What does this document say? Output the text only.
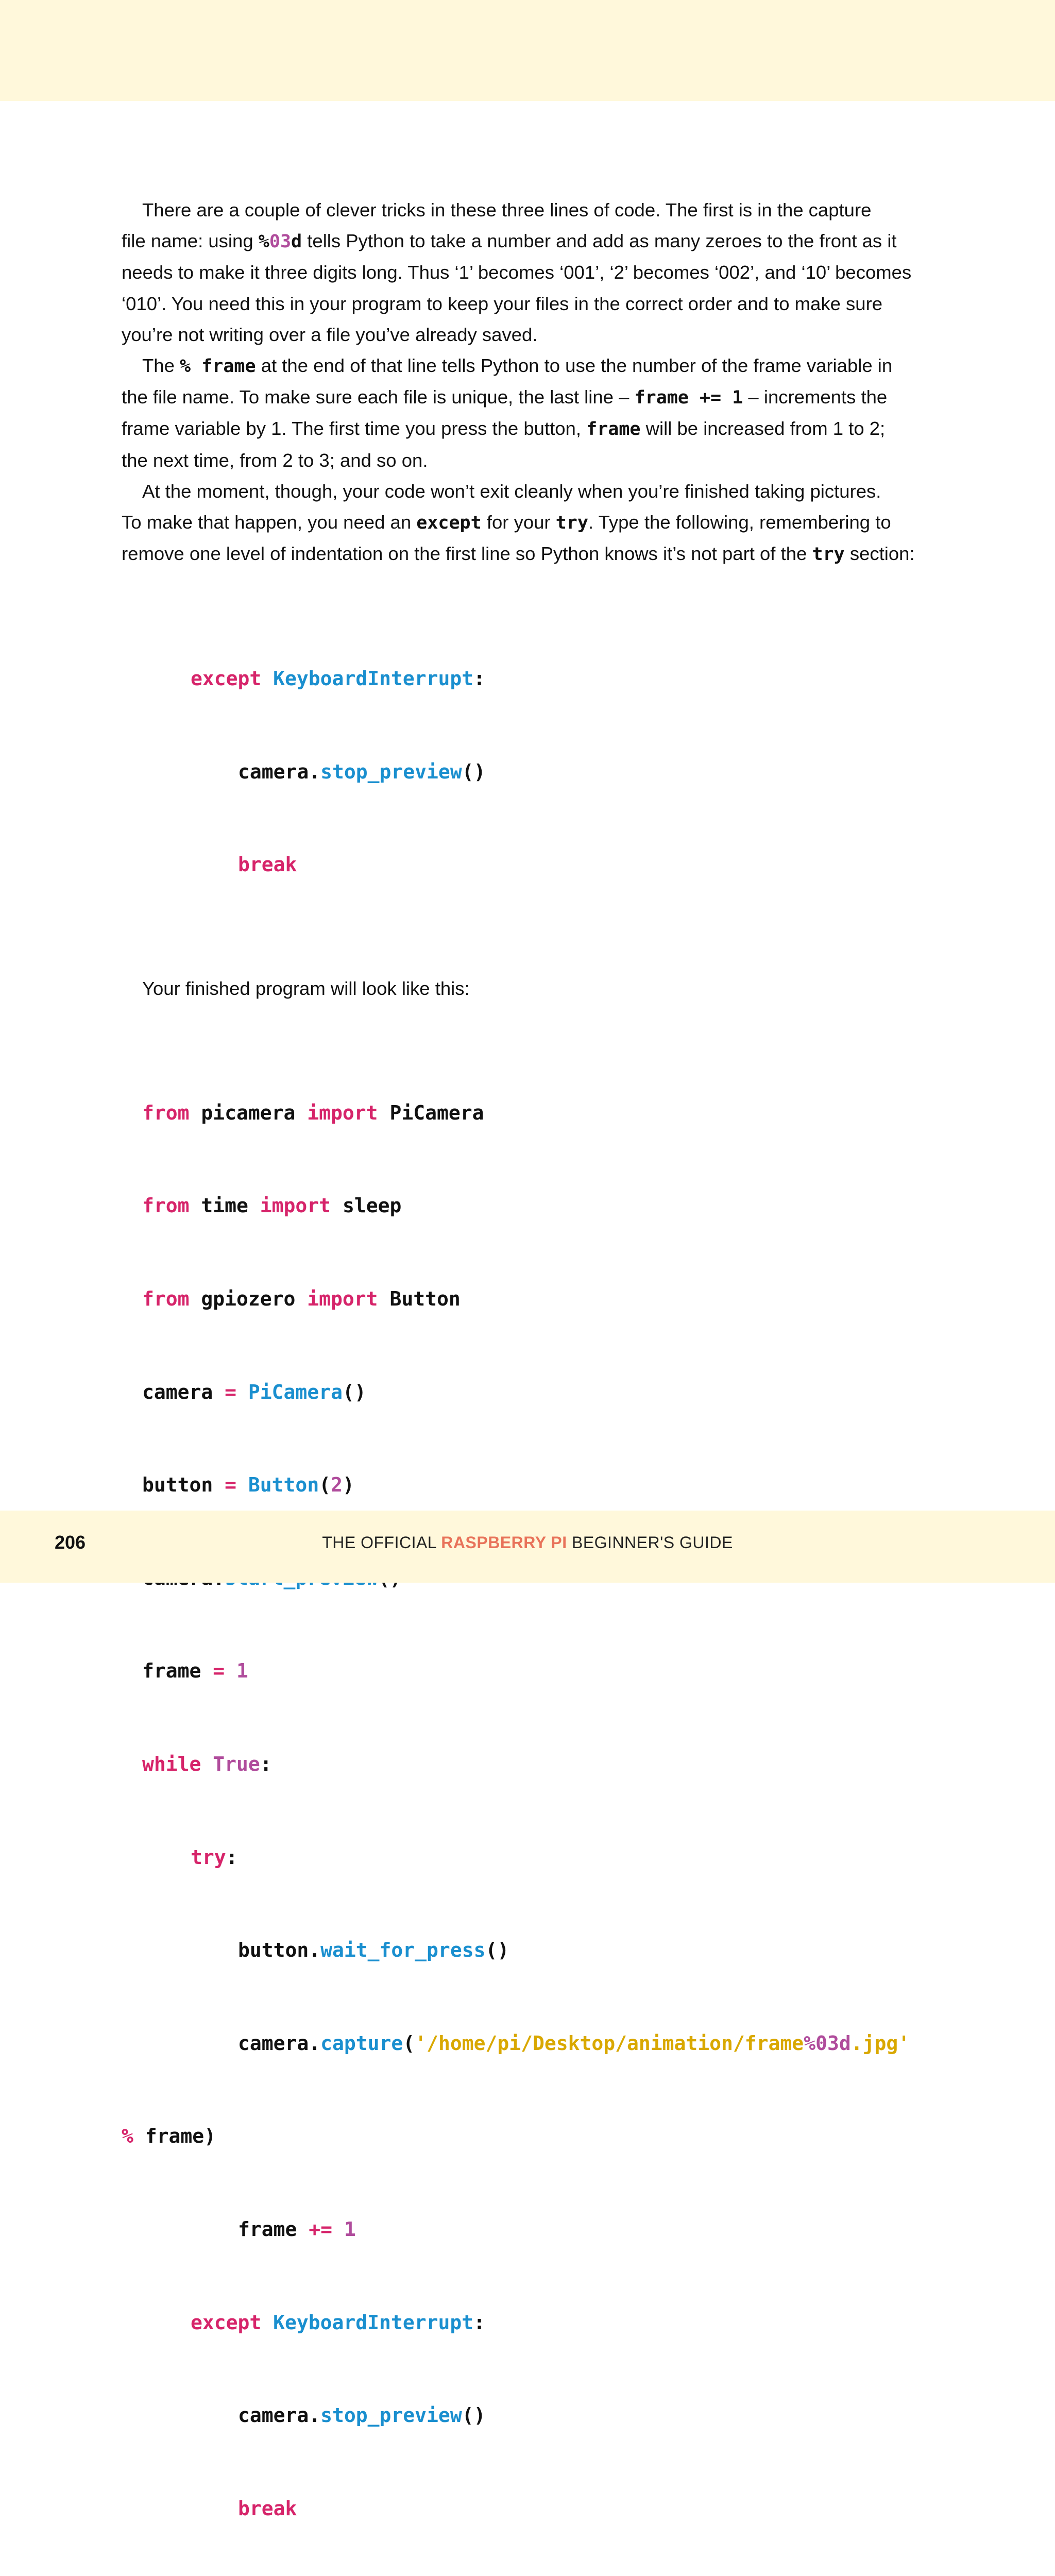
There are a couple of clever tricks in these three lines of code. The first is in the capture
file name: using %03d tells Python to take a number and add as many zeroes to the front as it
needs to make it three digits long. Thus ‘1’ becomes ‘001’, ‘2’ becomes ‘002’, and ‘10’ becomes
‘010’. You need this in your program to keep your files in the correct order and to make sure
you’re not writing over a file you’ve already saved.
The % frame at the end of that line tells Python to use the number of the frame variable in
the file name. To make sure each file is unique, the last line – frame += 1 – increments the
frame variable by 1. The first time you press the button, frame will be increased from 1 to 2;
the next time, from 2 to 3; and so on.
At the moment, though, your code won’t exit cleanly when you’re finished taking pictures.
To make that happen, you need an except for your try. Type the following, remembering to
remove one level of indentation on the first line so Python knows it’s not part of the try section:

except KeyboardInterrupt:

camera.stop_preview()

break

Your finished program will look like this:

from picamera import PiCamera

from time import sleep

from gpiozero import Button

camera = PiCamera()

button = Button(2)

frame = 1

while True:

try:

button.wait_for_press()

camera.capture('/home/pi/Desktop/animation/frame%03d.jpg'

% frame)

frame += 1

except KeyboardInterrupt:

camera.stop_preview()

break

206	THE OFFICIAL RASPBERRY PI BEGINNER'S GUIDE
